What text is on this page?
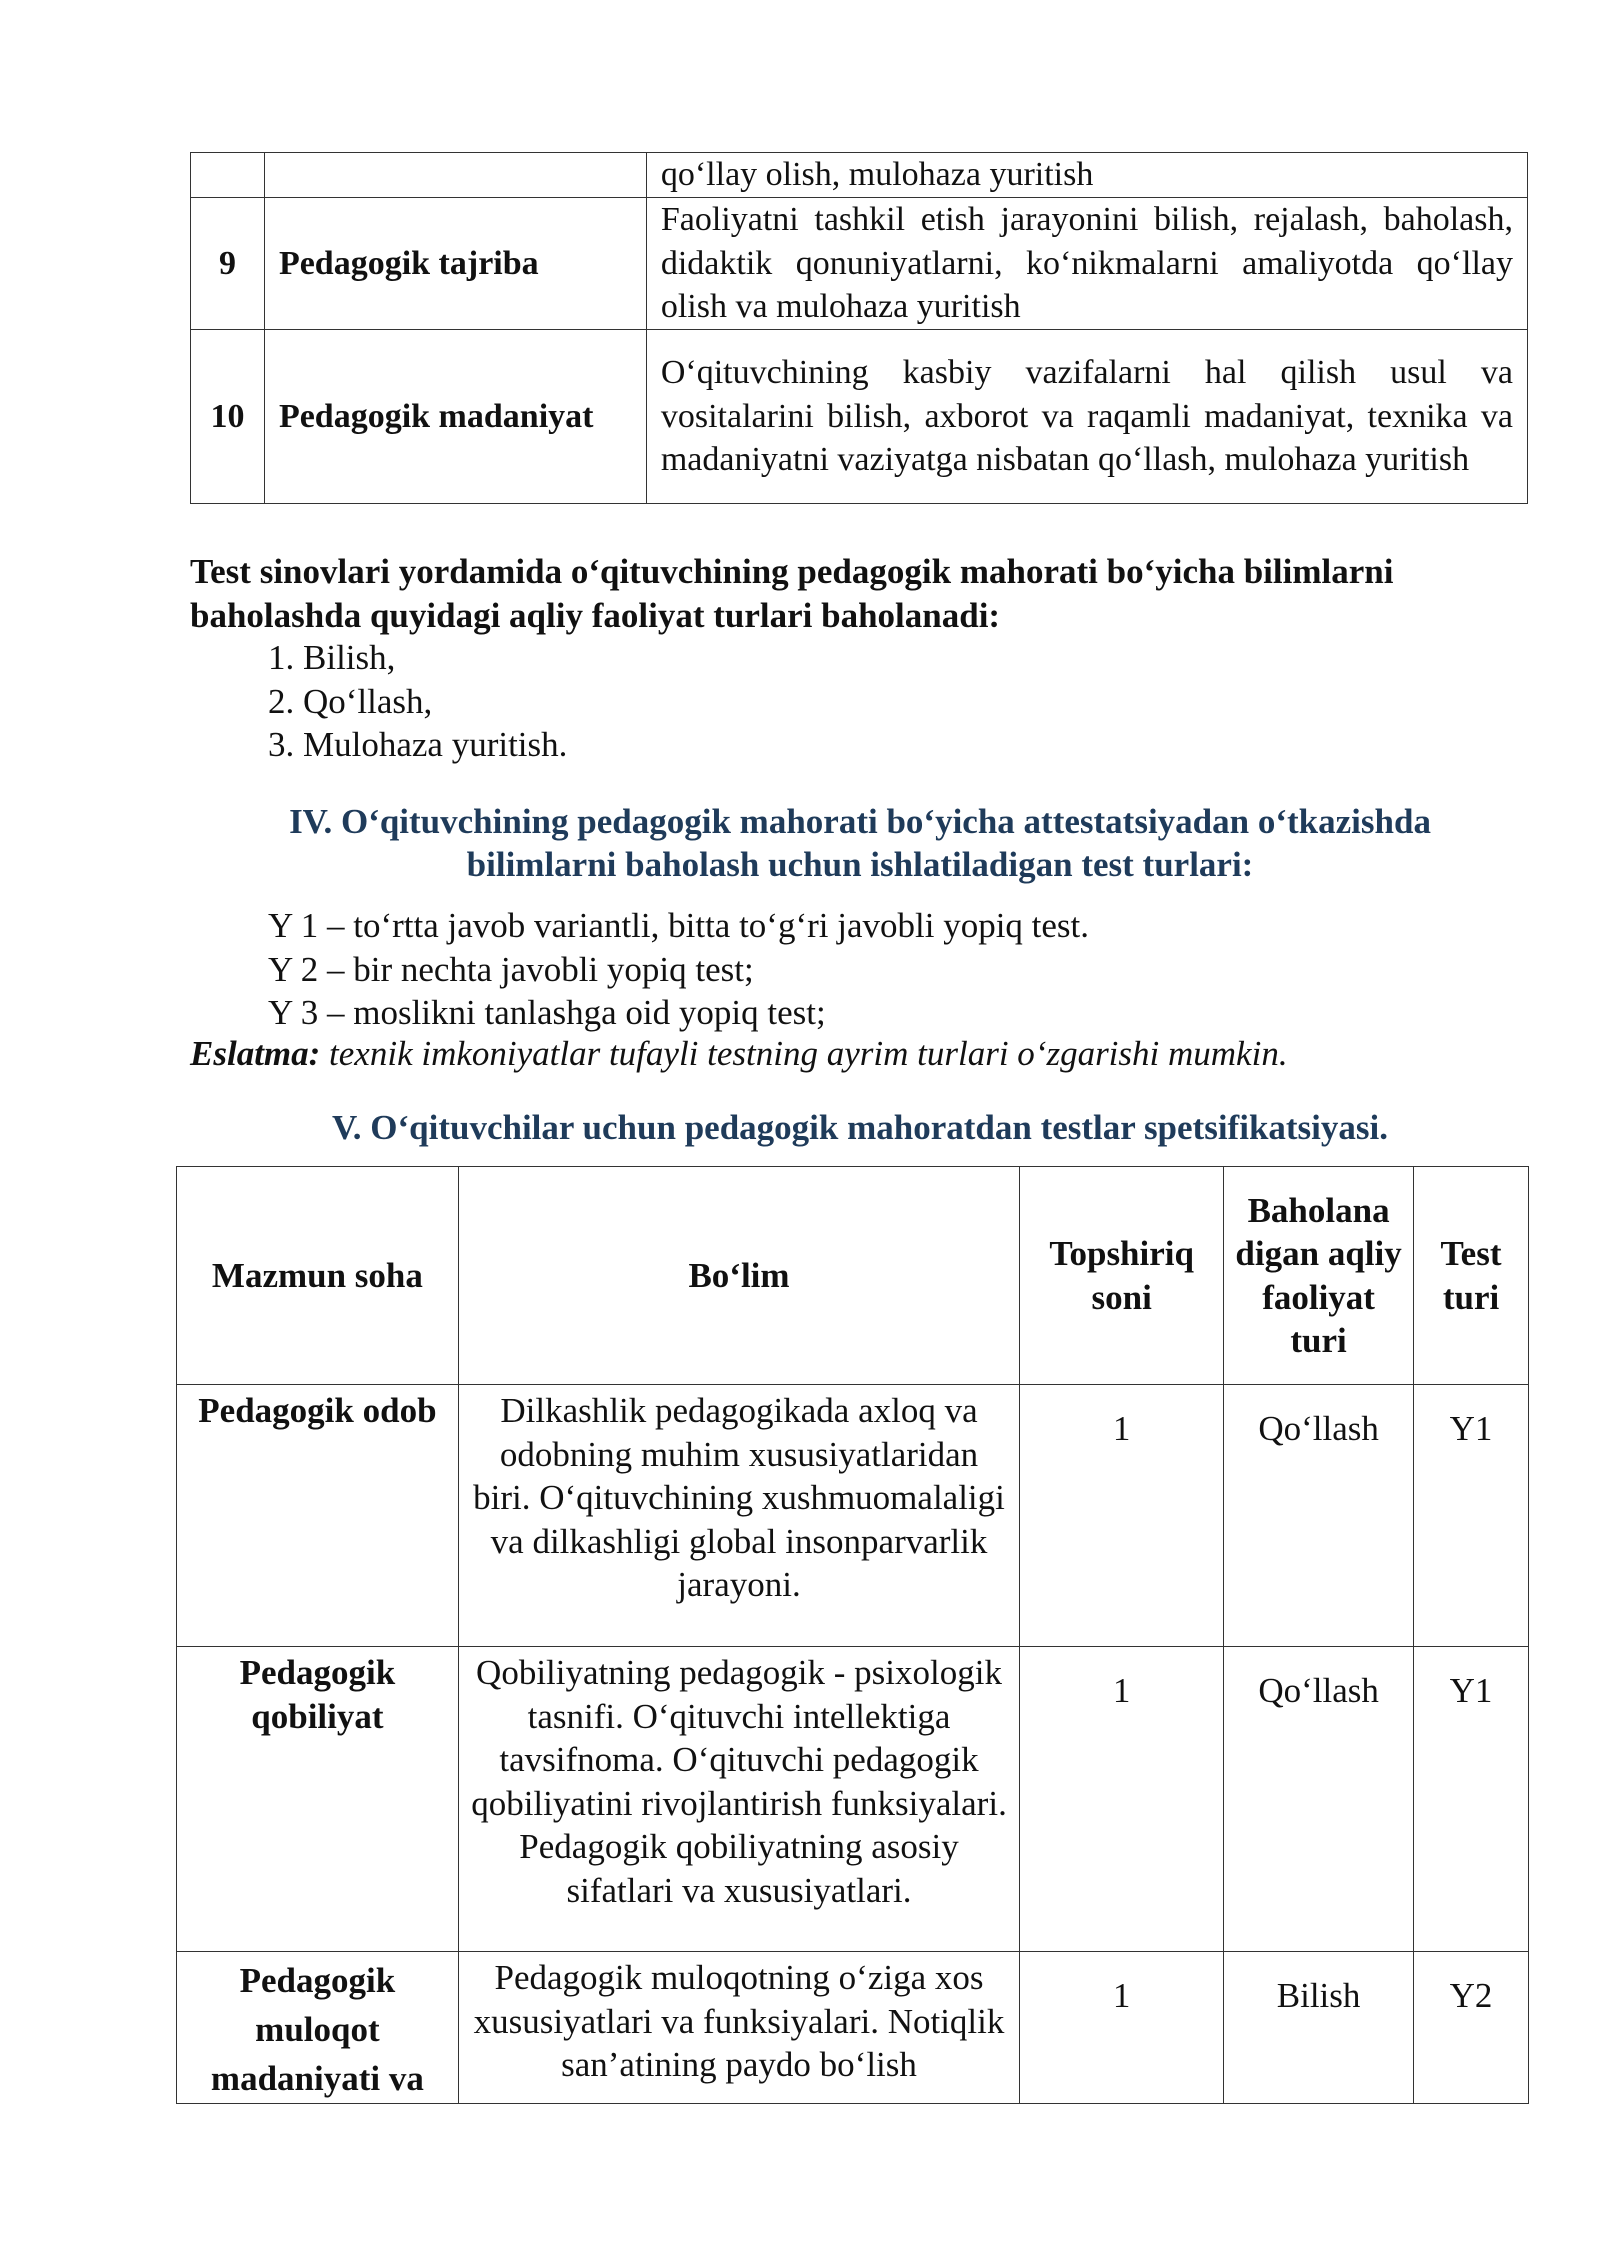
		qo‘llay olish, mulohaza yuritish
9	Pedagogik tajriba	Faoliyatni tashkil etish jarayonini bilish, rejalash, baholash, didaktik qonuniyatlarni, ko‘nikmalarni amaliyotda qo‘llay olish va mulohaza yuritish
10	Pedagogik madaniyat	O‘qituvchining kasbiy vazifalarni hal qilish usul va vositalarini bilish, axborot va raqamli madaniyat, texnika va madaniyatni vaziyatga nisbatan qo‘llash, mulohaza yuritish
Test sinovlari yordamida o‘qituvchining pedagogik mahorati bo‘yicha bilimlarni baholashda quyidagi aqliy faoliyat turlari baholanadi:
1. Bilish,
2. Qo‘llash,
3. Mulohaza yuritish.
IV. O‘qituvchining pedagogik mahorati bo‘yicha attestatsiyadan o‘tkazishda bilimlarni baholash uchun ishlatiladigan test turlari:
Y 1 – to‘rtta javob variantli, bitta to‘g‘ri javobli yopiq test.
Y 2 – bir nechta javobli yopiq test;
Y 3 – moslikni tanlashga oid yopiq test;
Eslatma: texnik imkoniyatlar tufayli testning ayrim turlari o‘zgarishi mumkin.
V. O‘qituvchilar uchun pedagogik mahoratdan testlar spetsifikatsiyasi.
Mazmun soha	Bo‘lim	Topshiriq soni	Baholana digan aqliy faoliyat turi	Test turi
Pedagogik odob	Dilkashlik pedagogikada axloq va odobning muhim xususiyatlaridan biri. O‘qituvchining xushmuomalaligi va dilkashligi global insonparvarlik jarayoni.	1	Qo‘llash	Y1
Pedagogik qobiliyat	Qobiliyatning pedagogik - psixologik tasnifi. O‘qituvchi intellektiga tavsifnoma. O‘qituvchi pedagogik qobiliyatini rivojlantirish funksiyalari. Pedagogik qobiliyatning asosiy sifatlari va xususiyatlari.	1	Qo‘llash	Y1
Pedagogik muloqot madaniyati va	Pedagogik muloqotning o‘ziga xos xususiyatlari va funksiyalari. Notiqlik san’atining paydo bo‘lish	1	Bilish	Y2
